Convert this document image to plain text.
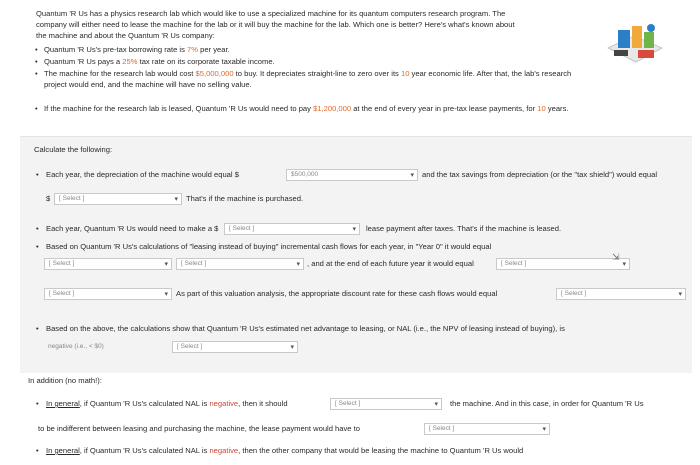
Quantum 'R Us has a physics research lab which would like to use a specialized machine for its quantum computers research program. The
company will either need to lease the machine for the lab or it will buy the machine for the lab. Which one is better? Here's what's known about
the machine and about the Quantum 'R Us company:
• Quantum 'R Us's pre-tax borrowing rate is 7% per year.
• Quantum 'R Us pays a 25% tax rate on its corporate taxable income.
• The machine for the research lab would cost $5,000,000 to buy. It depreciates straight-line to zero over its 10 year economic life. After that, the lab's research
project would end, and the machine will have no selling value.
• If the machine for the research lab is leased, Quantum 'R Us would need to pay $1,200,000 at the end of every year in pre-tax lease payments, for 10 years.
Calculate the following:
• Each year, the depreciation of the machine would equal $	$500,000	▾ and the tax savings from depreciation (or the "tax shield") would equal
$	[ Select ]	▾ That's if the machine is purchased.
• Each year, Quantum 'R Us would need to make a $	[ Select ]	▾ lease payment after taxes. That's if the machine is leased.
• Based on Quantum 'R Us's calculations of "leasing instead of buying" incremental cash flows for each year, in "Year 0" it would equal
[ Select ]	▾	[ Select ]	▾ , and at the end of each future year it would equal	[ Select ]	▾
⇲
[ Select ]	▾ As part of this valuation analysis, the appropriate discount rate for these cash flows would equal	[ Select ]	▾
• Based on the above, the calculations show that Quantum 'R Us's estimated net advantage to leasing, or NAL (i.e., the NPV of leasing instead of buying), is
negative (i.e., < $0)	[ Select ]	▾
In addition (no math!):
• In general, if Quantum 'R Us's calculated NAL is negative, then it should	[ Select ]	▾ the machine. And in this case, in order for Quantum 'R Us
to be indifferent between leasing and purchasing the machine, the lease payment would have to	[ Select ]	▾
• In general, if Quantum 'R Us's calculated NAL is negative, then the other company that would be leasing the machine to Quantum 'R Us would
